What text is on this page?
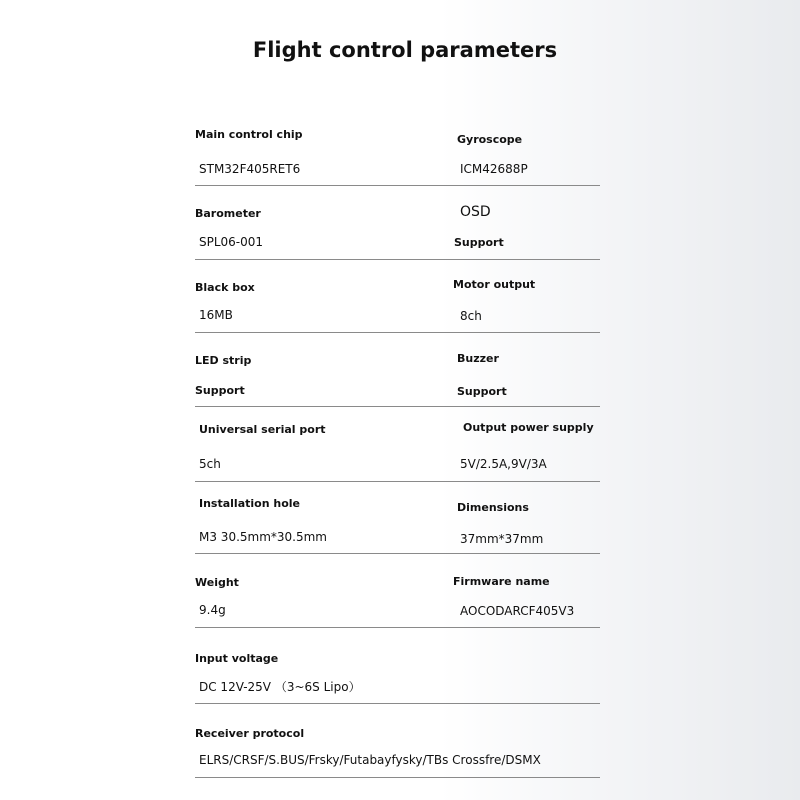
Flight control parameters
Main control chip
STM32F405RET6
Gyroscope
ICM42688P
Barometer
SPL06-001
OSD
Support
Black box
16MB
Motor output
8ch
LED strip
Support
Buzzer
Support
Universal serial port
5ch
Output power supply
5V/2.5A,9V/3A
Installation hole
M3 30.5mm*30.5mm
Dimensions
37mm*37mm
Weight
9.4g
Firmware name
AOCODARCF405V3
Input voltage
DC 12V-25V （3~6S Lipo）
Receiver protocol
ELRS/CRSF/S.BUS/Frsky/Futabayfysky/TBs Crossfre/DSMX
